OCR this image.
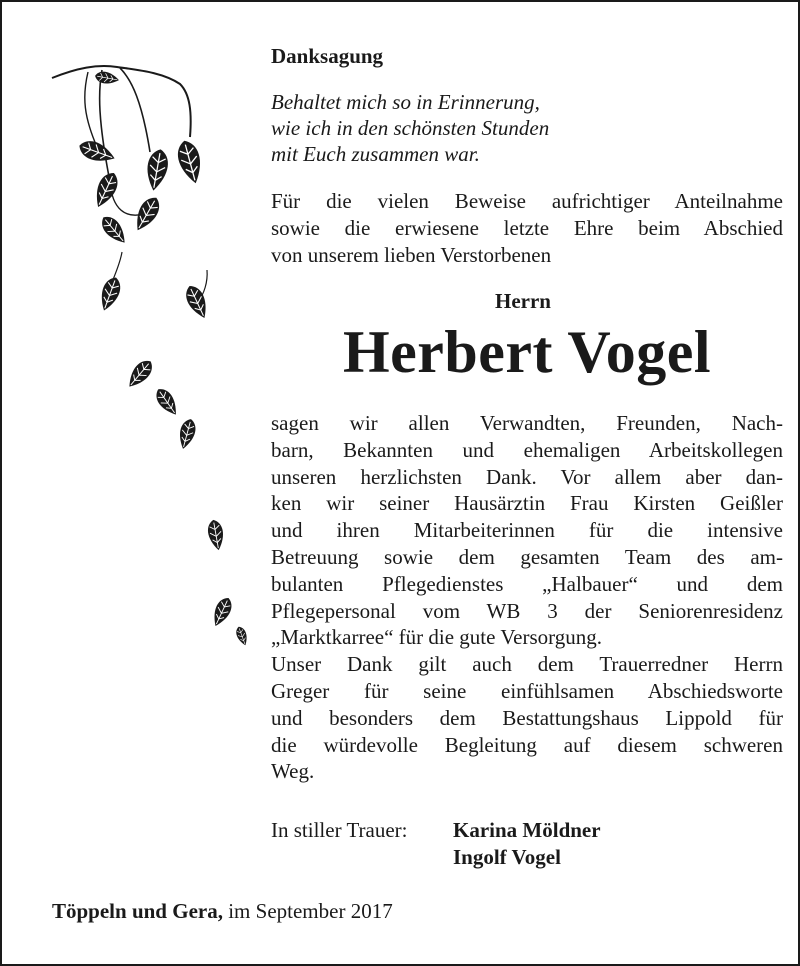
Danksagung
Behaltet mich so in Erinnerung,
wie ich in den schönsten Stunden
mit Euch zusammen war.
Für die vielen Beweise aufrichtiger Anteilnahme
sowie die erwiesene letzte Ehre beim Abschied
von unserem lieben Verstorbenen
Herrn
Herbert Vogel
sagen wir allen Verwandten, Freunden, Nach-
barn, Bekannten und ehemaligen Arbeitskollegen
unseren herzlichsten Dank. Vor allem aber dan-
ken wir seiner Hausärztin Frau Kirsten Geißler
und ihren Mitarbeiterinnen für die intensive
Betreuung sowie dem gesamten Team des am-
bulanten Pflegedienstes „Halbauer“ und dem
Pflegepersonal vom WB 3 der Seniorenresidenz
„Marktkarree“ für die gute Versorgung.
Unser Dank gilt auch dem Trauerredner Herrn
Greger für seine einfühlsamen Abschiedsworte
und besonders dem Bestattungshaus Lippold für
die würdevolle Begleitung auf diesem schweren
Weg.
In stiller Trauer: Karina Möldner
Ingolf Vogel
Töppeln und Gera, im September 2017
